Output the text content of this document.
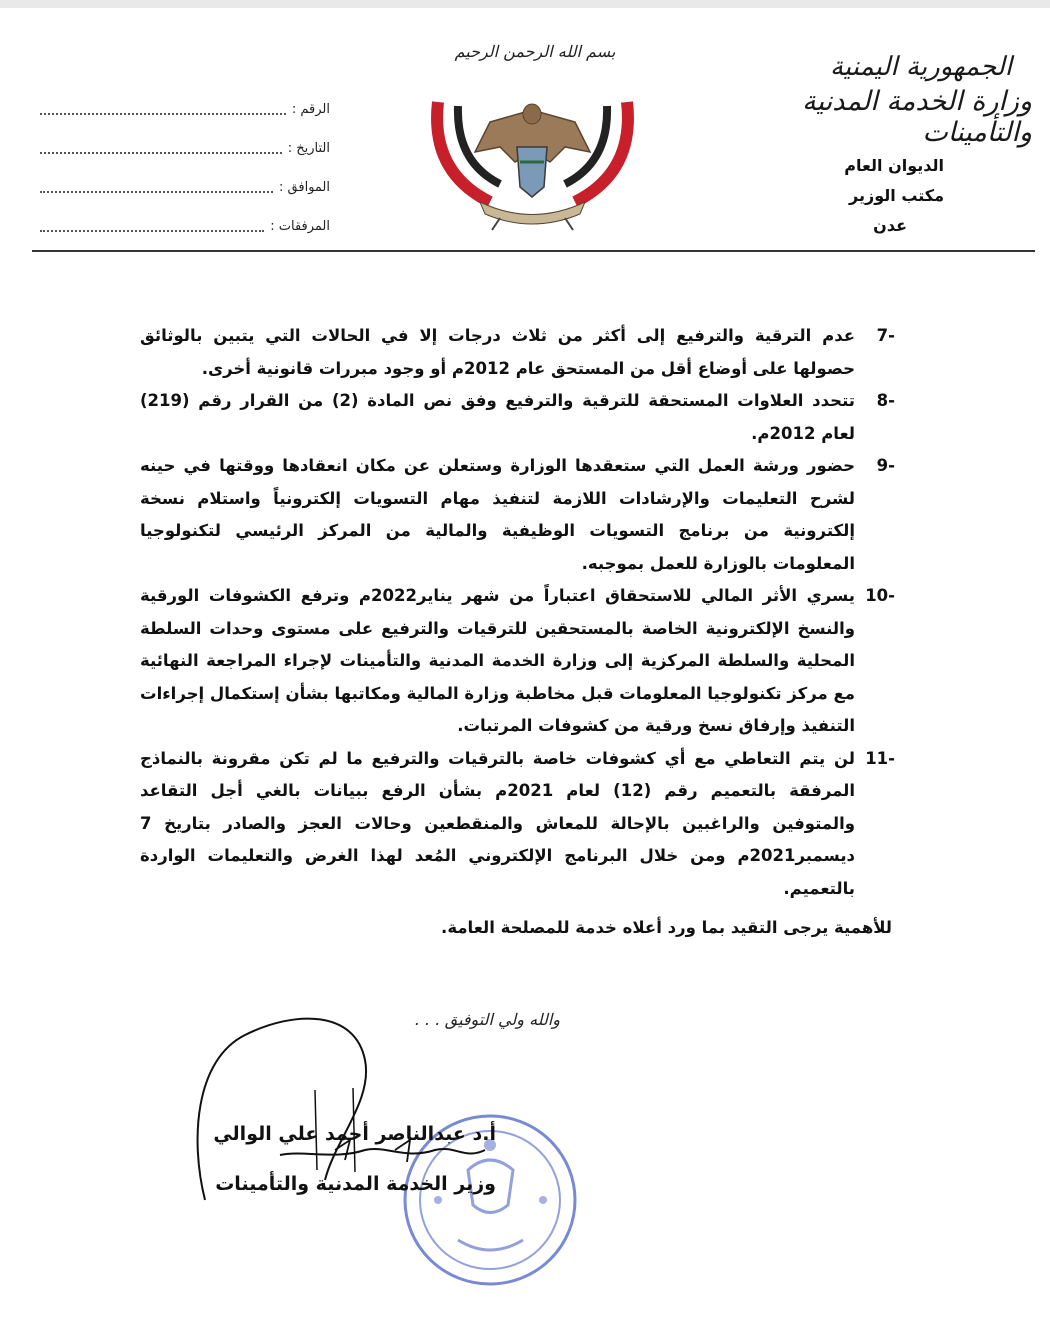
بسم الله الرحمن الرحيم
الجمهورية اليمنية
وزارة الخدمة المدنية والتأمينات
الديوان العام
مكتب الوزير
عدن
الرقم :
التاريخ :
الموافق :
المرفقات :
7-
عدم الترقية والترفيع إلى أكثر من ثلاث درجات إلا في الحالات التي يتبين بالوثائق حصولها على أوضاع أقل من المستحق عام 2012م أو وجود مبررات قانونية أخرى.
8-
تتحدد العلاوات المستحقة للترقية والترفيع وفق نص المادة (2) من القرار رقم (219) لعام 2012م.
9-
حضور ورشة العمل التي ستعقدها الوزارة وستعلن عن مكان انعقادها ووقتها في حينه لشرح التعليمات والإرشادات اللازمة لتنفيذ مهام التسويات إلكترونياً واستلام نسخة إلكترونية من برنامج التسويات الوظيفية والمالية من المركز الرئيسي لتكنولوجيا المعلومات بالوزارة للعمل بموجبه.
10-
يسري الأثر المالي للاستحقاق اعتباراً من شهر يناير2022م وترفع الكشوفات الورقية والنسخ الإلكترونية الخاصة بالمستحقين للترقيات والترفيع على مستوى وحدات السلطة المحلية والسلطة المركزية إلى وزارة الخدمة المدنية والتأمينات لإجراء المراجعة النهائية مع مركز تكنولوجيا المعلومات قبل مخاطبة وزارة المالية ومكاتبها بشأن إستكمال إجراءات التنفيذ وإرفاق نسخ ورقية من كشوفات المرتبات.
11-
لن يتم التعاطي مع أي كشوفات خاصة بالترقيات والترفيع ما لم تكن مقرونة بالنماذج المرفقة بالتعميم رقم (12) لعام 2021م بشأن الرفع ببيانات بالغي أجل التقاعد والمتوفين والراغبين بالإحالة للمعاش والمنقطعين وحالات العجز والصادر بتاريخ 7 ديسمبر2021م ومن خلال البرنامج الإلكتروني المُعد لهذا الغرض والتعليمات الواردة بالتعميم.
للأهمية يرجى التقيد بما ورد أعلاه خدمة للمصلحة العامة.
والله ولي التوفيق . . .
أ.د عبدالناصر أحمد علي الوالي
وزير الخدمة المدنية والتأمينات
